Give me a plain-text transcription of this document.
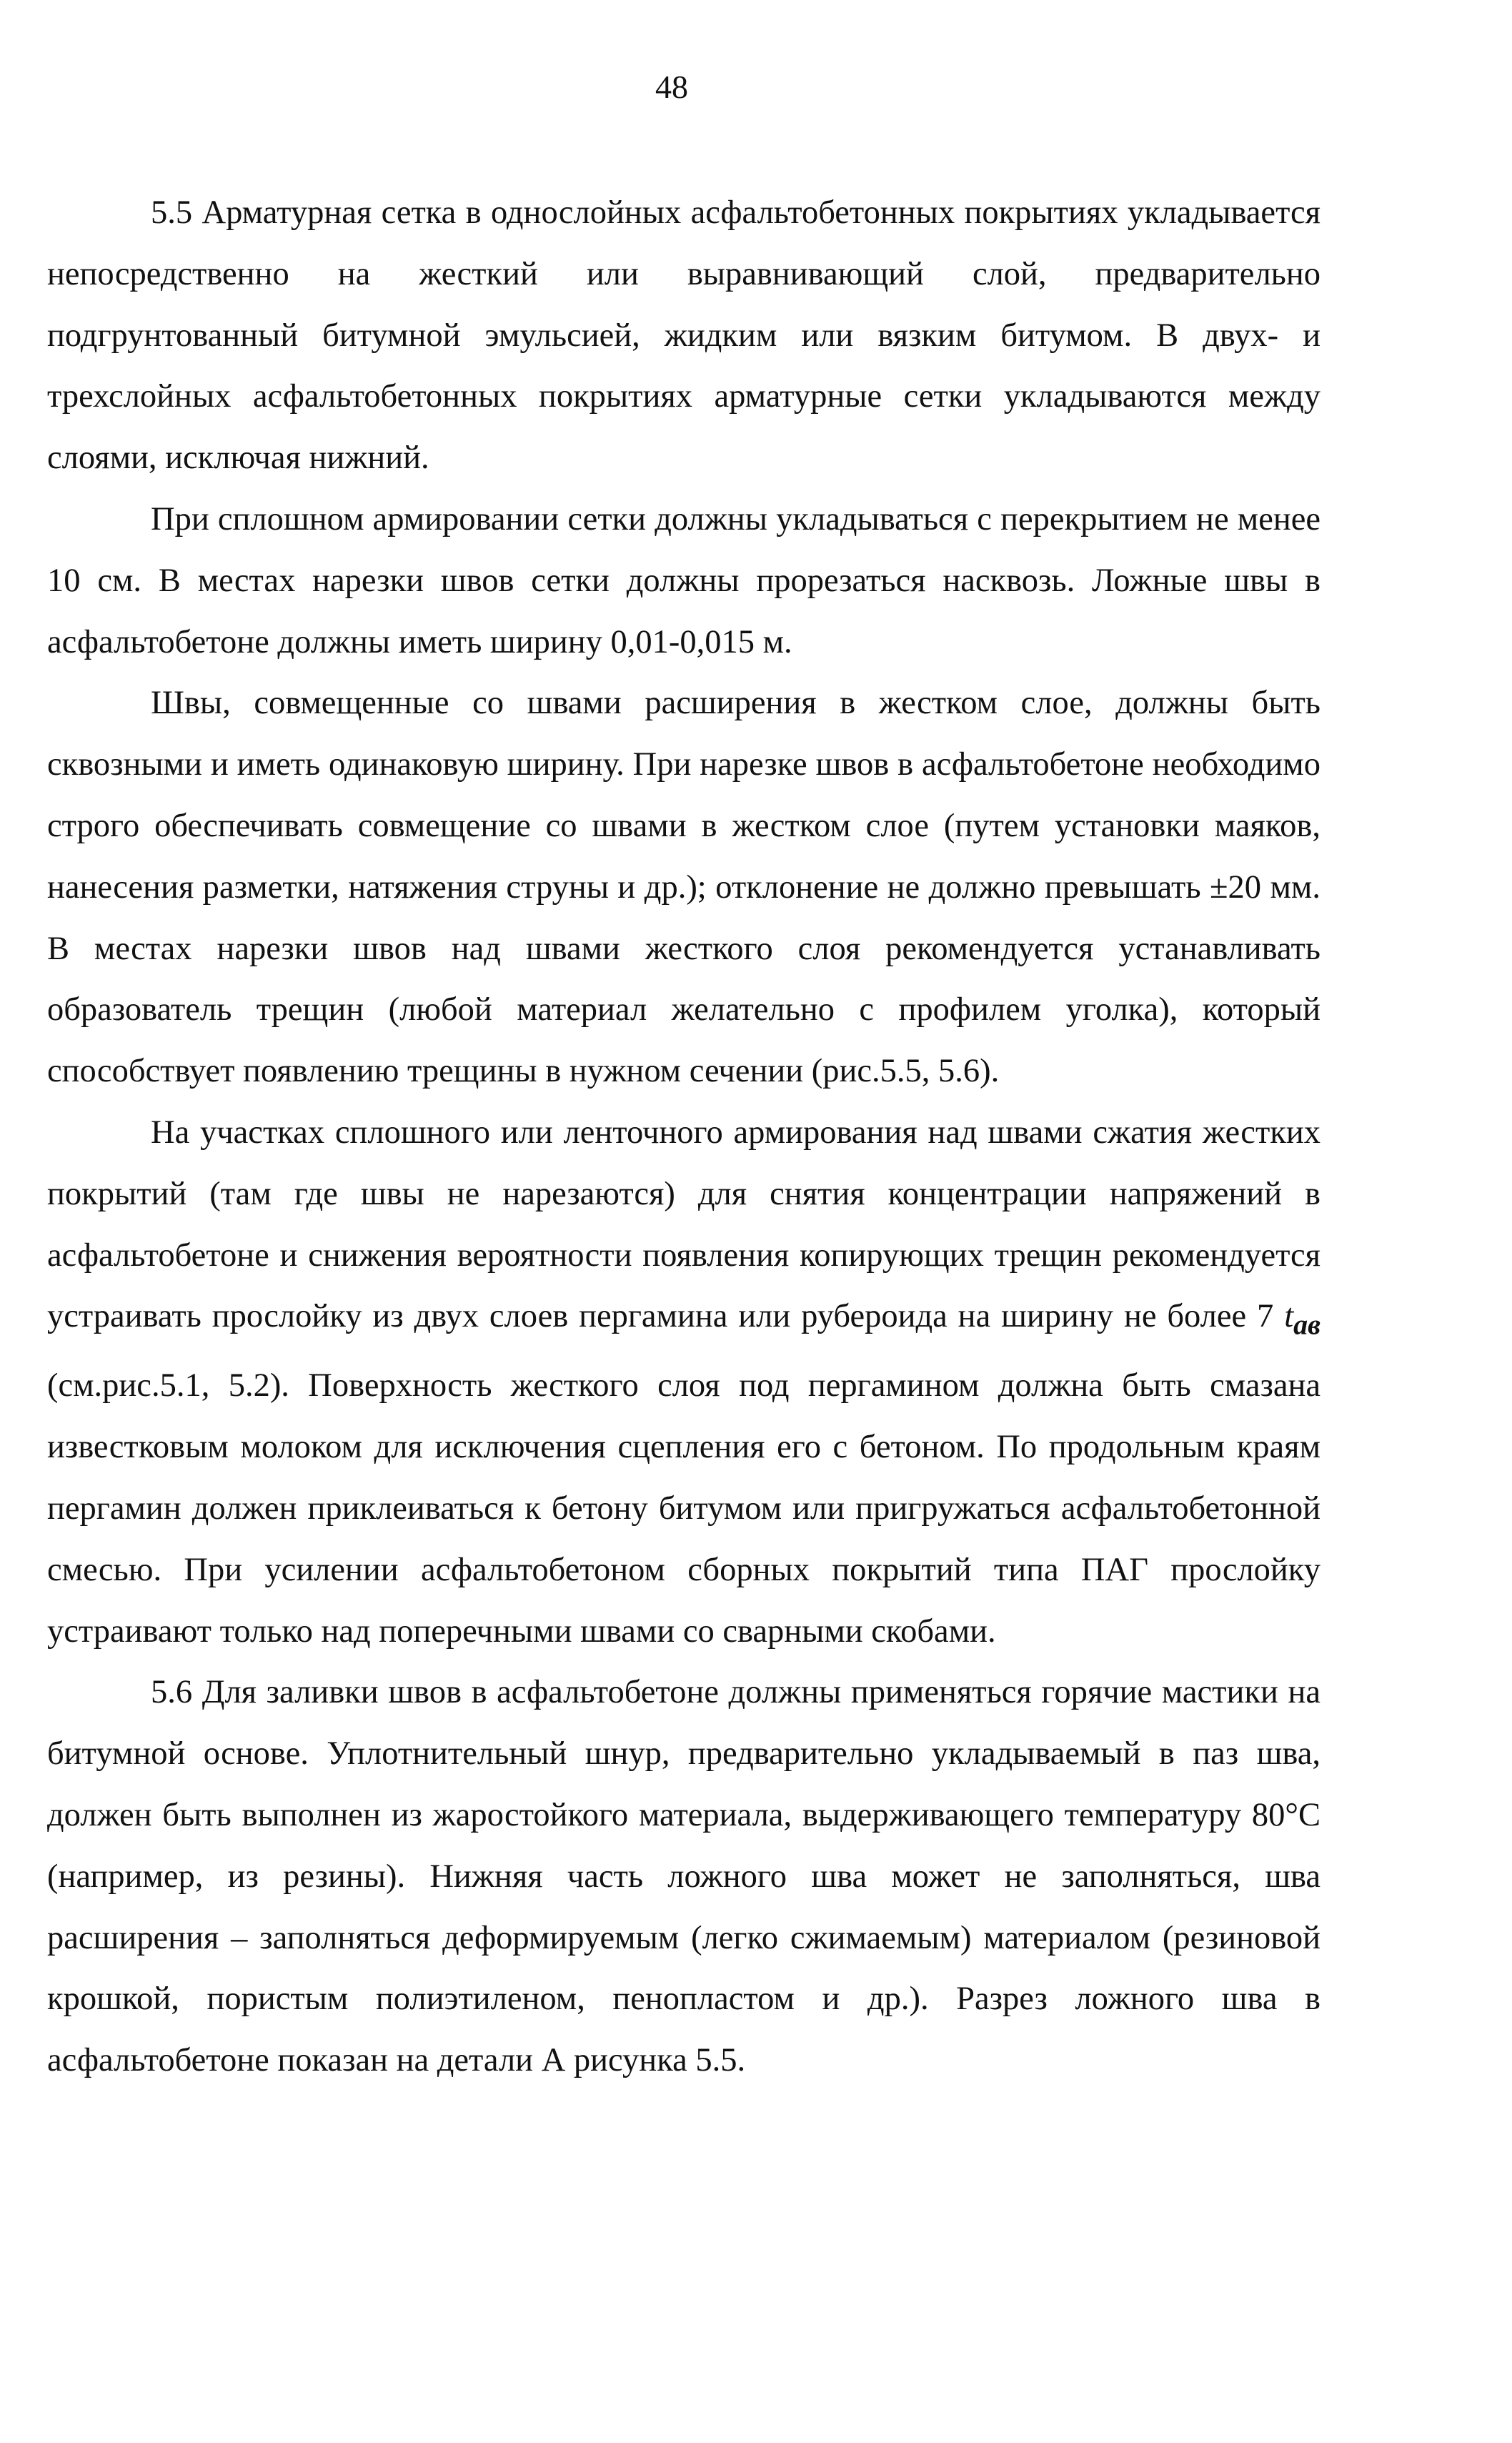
48

5.5 Арматурная сетка в однослойных асфальтобетонных покрытиях укладывается непосредственно на жесткий или выравнивающий слой, предварительно подгрунтованный битумной эмульсией, жидким или вязким битумом. В двух- и трехслойных асфальтобетонных покрытиях арматурные сетки укладываются между слоями, исключая нижний.

При сплошном армировании сетки должны укладываться с перекрытием не менее 10 см. В местах нарезки швов сетки должны прорезаться насквозь. Ложные швы в асфальтобетоне должны иметь ширину 0,01-0,015 м.

Швы, совмещенные со швами расширения в жестком слое, должны быть сквозными и иметь одинаковую ширину. При нарезке швов в асфальтобетоне необходимо строго обеспечивать совмещение со швами в жестком слое (путем установки маяков, нанесения разметки, натяжения струны и др.); отклонение не должно превышать ±20 мм. В местах нарезки швов над швами жесткого слоя рекомендуется устанавливать образователь трещин (любой материал желательно с профилем уголка), который способствует появлению трещины в нужном сечении (рис.5.5, 5.6).

На участках сплошного или ленточного армирования над швами сжатия жестких покрытий (там где швы не нарезаются) для снятия концентрации напряжений в асфальтобетоне и снижения вероятности появления копирующих трещин рекомендуется устраивать прослойку из двух слоев пергамина или рубероида на ширину не более 7 $t_{ав}$ (см.рис.5.1, 5.2). Поверхность жесткого слоя под пергамином должна быть смазана известковым молоком для исключения сцепления его с бетоном. По продольным краям пергамин должен приклеиваться к бетону битумом или пригружаться асфальтобетонной смесью. При усилении асфальтобетоном сборных покрытий типа ПАГ прослойку устраивают только над поперечными швами со сварными скобами.

5.6 Для заливки швов в асфальтобетоне должны применяться горячие мастики на битумной основе. Уплотнительный шнур, предварительно укладываемый в паз шва, должен быть выполнен из жаростойкого материала, выдерживающего температуру 80°С (например, из резины). Нижняя часть ложного шва может не заполняться, шва расширения – заполняться деформируемым (легко сжимаемым) материалом (резиновой крошкой, пористым полиэтиленом, пенопластом и др.). Разрез ложного шва в асфальтобетоне показан на детали А рисунка 5.5.
